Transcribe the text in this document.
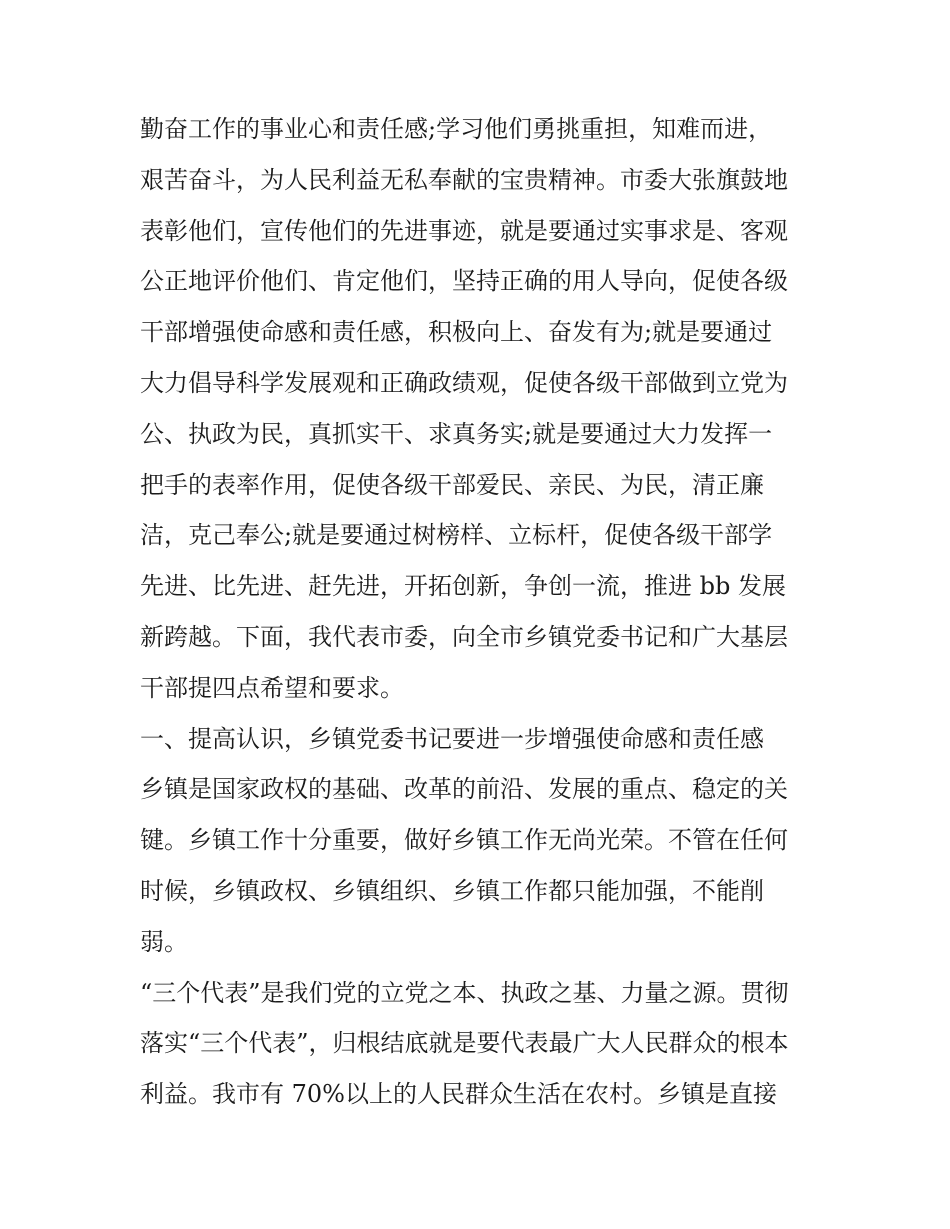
勤奋工作的事业心和责任感;学习他们勇挑重担，知难而进，
艰苦奋斗，为人民利益无私奉献的宝贵精神。市委大张旗鼓地
表彰他们，宣传他们的先进事迹，就是要通过实事求是、客观
公正地评价他们、肯定他们，坚持正确的用人导向，促使各级
干部增强使命感和责任感，积极向上、奋发有为;就是要通过
大力倡导科学发展观和正确政绩观，促使各级干部做到立党为
公、执政为民，真抓实干、求真务实;就是要通过大力发挥一
把手的表率作用，促使各级干部爱民、亲民、为民，清正廉
洁，克己奉公;就是要通过树榜样、立标杆，促使各级干部学
先进、比先进、赶先进，开拓创新，争创一流，推进 bb 发展
新跨越。下面，我代表市委，向全市乡镇党委书记和广大基层
干部提四点希望和要求。
一、提高认识，乡镇党委书记要进一步增强使命感和责任感
乡镇是国家政权的基础、改革的前沿、发展的重点、稳定的关
键。乡镇工作十分重要，做好乡镇工作无尚光荣。不管在任何
时候，乡镇政权、乡镇组织、乡镇工作都只能加强，不能削
弱。
“三个代表”是我们党的立党之本、执政之基、力量之源。贯彻
落实“三个代表”，归根结底就是要代表最广大人民群众的根本
利益。我市有 70%以上的人民群众生活在农村。乡镇是直接
